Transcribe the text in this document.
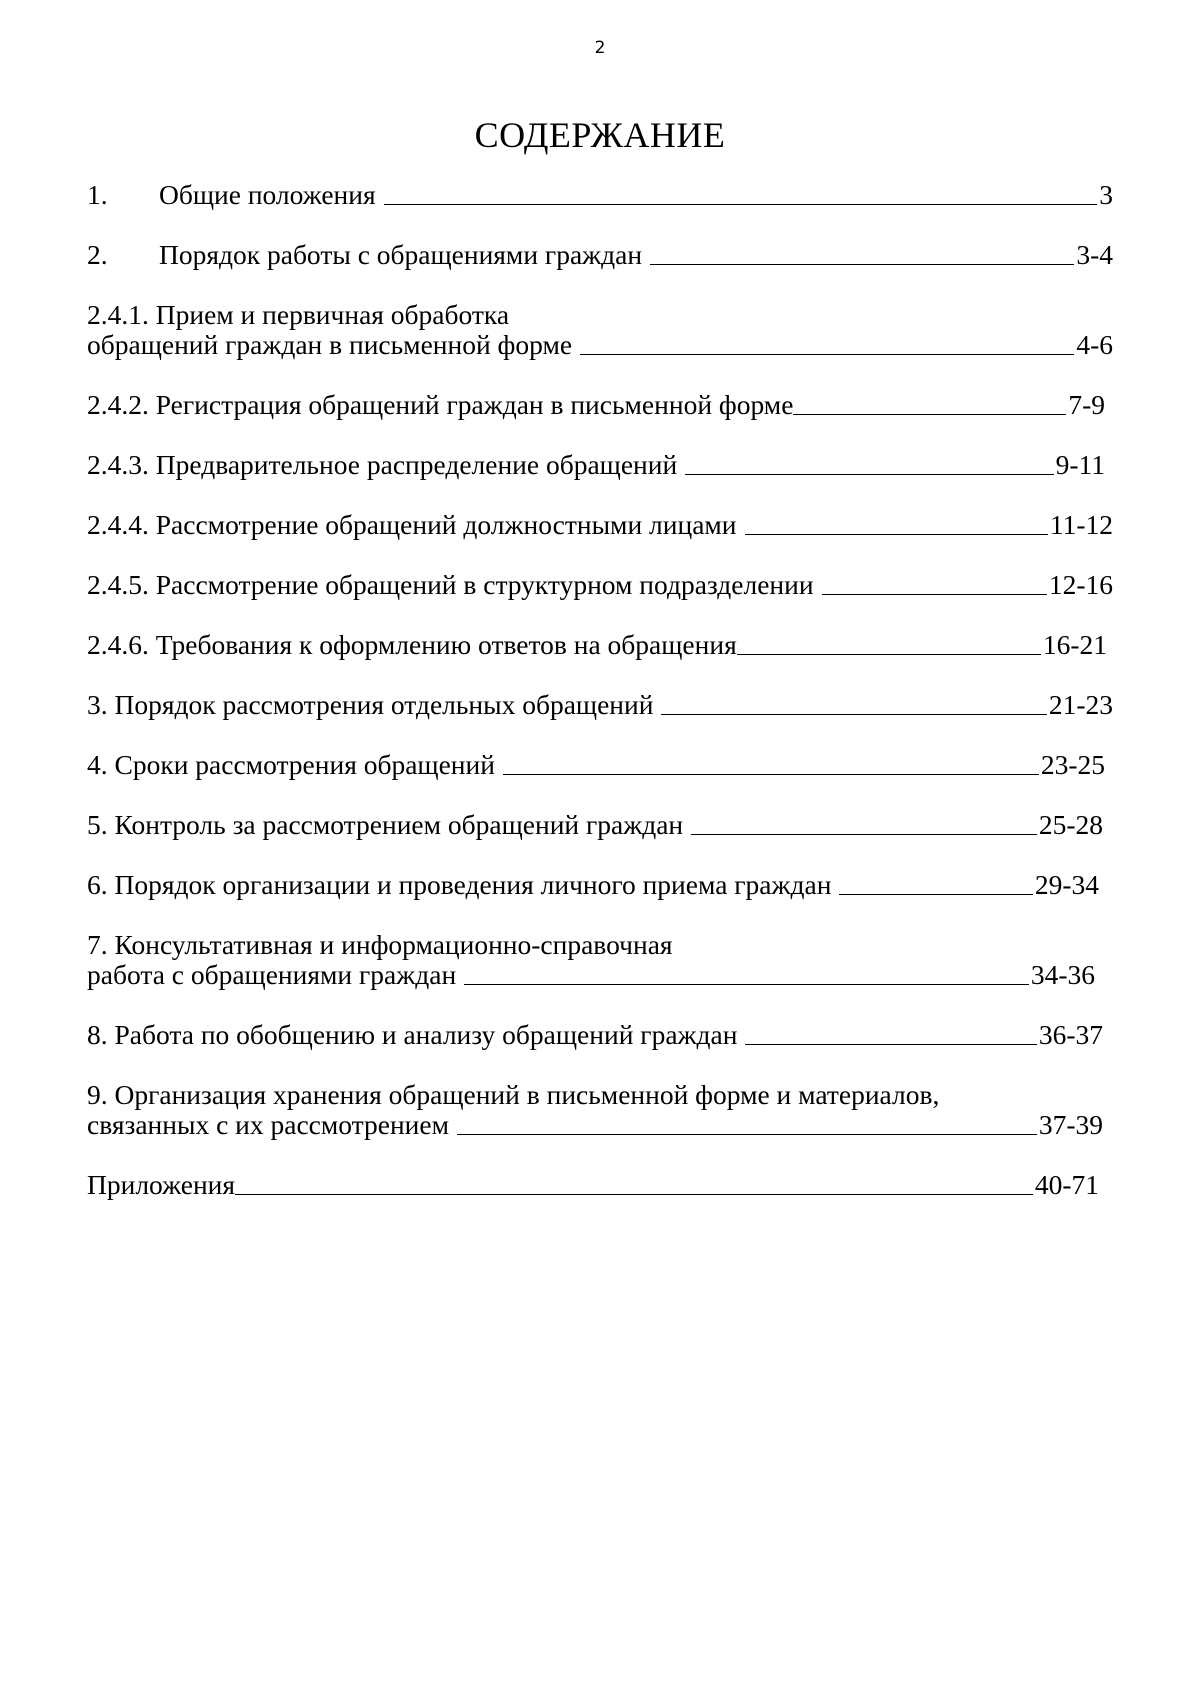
2
СОДЕРЖАНИЕ
1. Общие положения	3
2. Порядок работы с обращениями граждан	3-4
2.4.1. Прием и первичная обработка
обращений граждан в письменной форме	4-6
2.4.2. Регистрация обращений граждан в письменной форме	7-9
2.4.3. Предварительное распределение обращений	9-11
2.4.4. Рассмотрение обращений должностными лицами	11-12
2.4.5. Рассмотрение обращений в структурном подразделении	12-16
2.4.6. Требования к оформлению ответов на обращения	16-21
3. Порядок рассмотрения отдельных обращений	21-23
4. Сроки рассмотрения обращений	23-25
5. Контроль за рассмотрением обращений граждан	25-28
6. Порядок организации и проведения личного приема граждан	29-34
7. Консультативная и информационно-справочная
работа с обращениями граждан	34-36
8. Работа по обобщению и анализу обращений граждан	36-37
9. Организация хранения обращений в письменной форме и материалов,
связанных с их рассмотрением	37-39
Приложения	40-71
